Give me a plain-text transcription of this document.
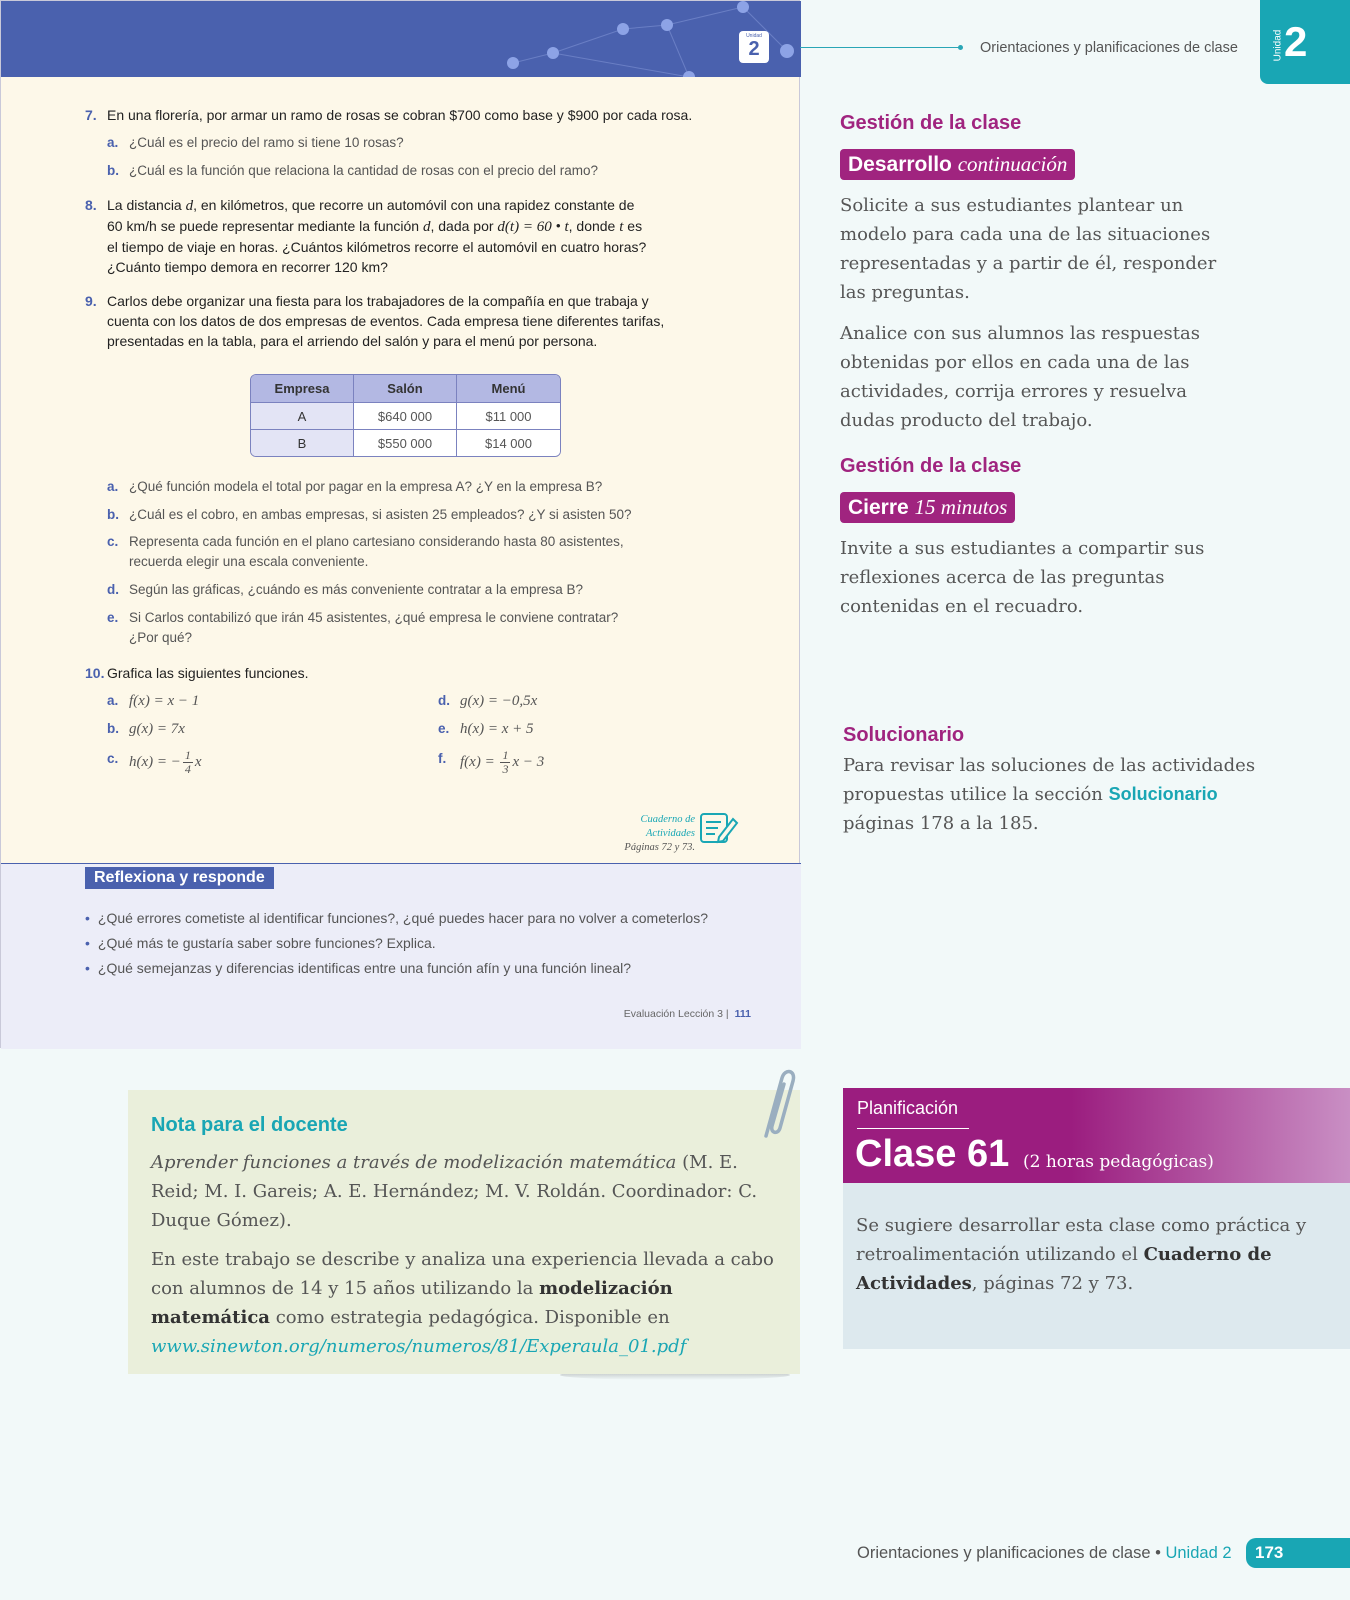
Unidad
2
7. En una florería, por armar un ramo de rosas se cobran $700 como base y $900 por cada rosa.
a. ¿Cuál es el precio del ramo si tiene 10 rosas?
b. ¿Cuál es la función que relaciona la cantidad de rosas con el precio del ramo?
8. La distancia d, en kilómetros, que recorre un automóvil con una rapidez constante de
60 km/h se puede representar mediante la función d, dada por d(t) = 60 • t, donde t es
el tiempo de viaje en horas. ¿Cuántos kilómetros recorre el automóvil en cuatro horas?
¿Cuánto tiempo demora en recorrer 120 km?
9. Carlos debe organizar una fiesta para los trabajadores de la compañía en que trabaja y
cuenta con los datos de dos empresas de eventos. Cada empresa tiene diferentes tarifas,
presentadas en la tabla, para el arriendo del salón y para el menú por persona.
Empresa	Salón	Menú
A	$640 000	$11 000
B	$550 000	$14 000
a. ¿Qué función modela el total por pagar en la empresa A? ¿Y en la empresa B?
b. ¿Cuál es el cobro, en ambas empresas, si asisten 25 empleados? ¿Y si asisten 50?
c. Representa cada función en el plano cartesiano considerando hasta 80 asistentes,
recuerda elegir una escala conveniente.
d. Según las gráficas, ¿cuándo es más conveniente contratar a la empresa B?
e. Si Carlos contabilizó que irán 45 asistentes, ¿qué empresa le conviene contratar?
¿Por qué?
10. Grafica las siguientes funciones.
a. f(x) = x − 1
b. g(x) = 7x
c. h(x) = − $\frac{1}{4}$ x
d. g(x) = −0,5x
e. h(x) = x + 5
f. $f(x) = \frac{1}{3}$ x − 3
Cuaderno de Actividades
Páginas 72 y 73.
Reflexiona y responde
• ¿Qué errores cometiste al identificar funciones?, ¿qué puedes hacer para no volver a cometerlos?
• ¿Qué más te gustaría saber sobre funciones? Explica.
• ¿Qué semejanzas y diferencias identificas entre una función afín y una función lineal?
Evaluación Lección 3 | 111
Orientaciones y planificaciones de clase	Unidad 2
Gestión de la clase
Desarrollo continuación
Solicite a sus estudiantes plantear un modelo para cada una de las situaciones representadas y a partir de él, responder las preguntas.
Analice con sus alumnos las respuestas obtenidas por ellos en cada una de las actividades, corrija errores y resuelva dudas producto del trabajo.
Gestión de la clase
Cierre 15 minutos
Invite a sus estudiantes a compartir sus reflexiones acerca de las preguntas contenidas en el recuadro.
Solucionario
Para revisar las soluciones de las actividades propuestas utilice la sección Solucionario páginas 178 a la 185.
Nota para el docente
Aprender funciones a través de modelización matemática (M. E. Reid; M. I. Gareis; A. E. Hernández; M. V. Roldán. Coordinador: C. Duque Gómez).
En este trabajo se describe y analiza una experiencia llevada a cabo con alumnos de 14 y 15 años utilizando la modelización matemática como estrategia pedagógica. Disponible en www.sinewton.org/numeros/numeros/81/Experaula_01.pdf
Planificación
Clase 61 (2 horas pedagógicas)
Se sugiere desarrollar esta clase como práctica y retroalimentación utilizando el Cuaderno de Actividades, páginas 72 y 73.
Orientaciones y planificaciones de clase • Unidad 2	173
